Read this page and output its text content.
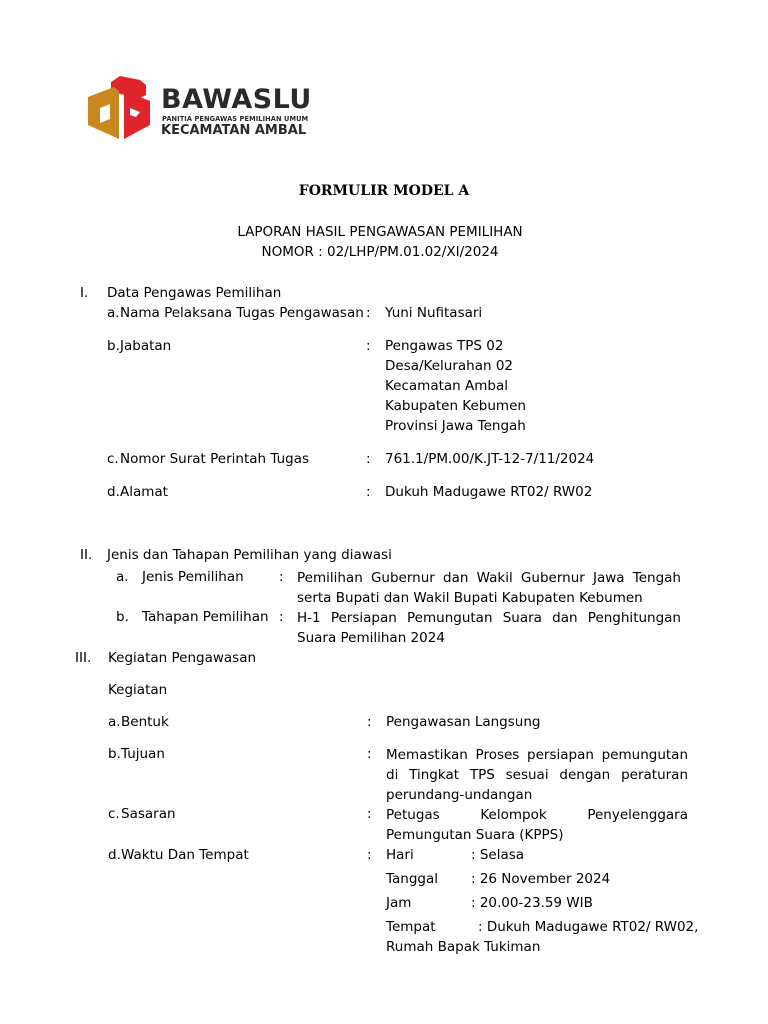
BAWASLU
PANITIA PENGAWAS PEMILIHAN UMUM
KECAMATAN AMBAL
FORMULIR MODEL A
LAPORAN HASIL PENGAWASAN PEMILIHAN
NOMOR : 02/LHP/PM.01.02/XI/2024
I. Data Pengawas Pemilihan
a. Nama Pelaksana Tugas Pengawasan : Yuni Nufitasari
b. Jabatan	: Pengawas TPS 02
Desa/Kelurahan 02
Kecamatan Ambal
Kabupaten Kebumen
Provinsi Jawa Tengah
c. Nomor Surat Perintah Tugas	: 761.1/PM.00/K.JT-12-7/11/2024
d. Alamat	: Dukuh Madugawe RT02/ RW02
II. Jenis dan Tahapan Pemilihan yang diawasi
a. Jenis Pemilihan	: Pemilihan Gubernur dan Wakil Gubernur Jawa Tengah serta Bupati dan Wakil Bupati Kabupaten Kebumen
b. Tahapan Pemilihan : H-1 Persiapan Pemungutan Suara dan Penghitungan Suara Pemilihan 2024
III. Kegiatan Pengawasan
Kegiatan
a. Bentuk	: Pengawasan Langsung
b. Tujuan	: Memastikan Proses persiapan pemungutan di Tingkat TPS sesuai dengan peraturan perundang-undangan
c. Sasaran	: Petugas Kelompok Penyelenggara Pemungutan Suara (KPPS)
d. Waktu Dan Tempat	: Hari	: Selasa
Tanggal : 26 November 2024
Jam	: 20.00-23.59 WIB
Tempat	: Dukuh Madugawe RT02/ RW02,
Rumah Bapak Tukiman
